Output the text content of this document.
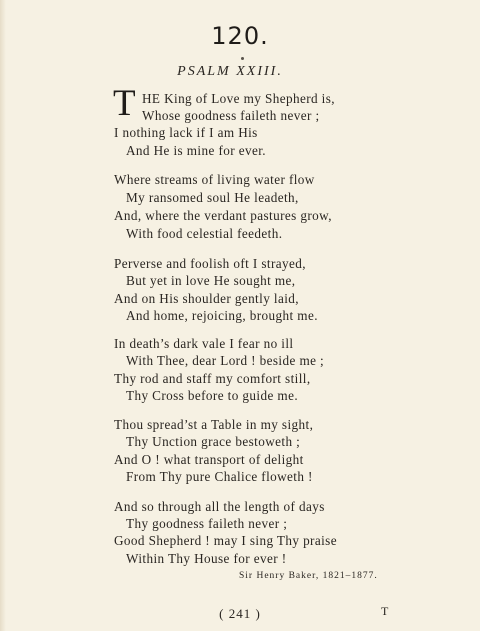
120.
PSALM XXIII.
T HE King of Love my Shepherd is,
Whose goodness faileth never ;
I nothing lack if I am His
And He is mine for ever.
Where streams of living water flow
My ransomed soul He leadeth,
And, where the verdant pastures grow,
With food celestial feedeth.
Perverse and foolish oft I strayed,
But yet in love He sought me,
And on His shoulder gently laid,
And home, rejoicing, brought me.
In death’s dark vale I fear no ill
With Thee, dear Lord ! beside me ;
Thy rod and staff my comfort still,
Thy Cross before to guide me.
Thou spread’st a Table in my sight,
Thy Unction grace bestoweth ;
And O ! what transport of delight
From Thy pure Chalice floweth !
And so through all the length of days
Thy goodness faileth never ;
Good Shepherd ! may I sing Thy praise
Within Thy House for ever !
Sir Henry Baker, 1821–1877.
( 241 )	T
